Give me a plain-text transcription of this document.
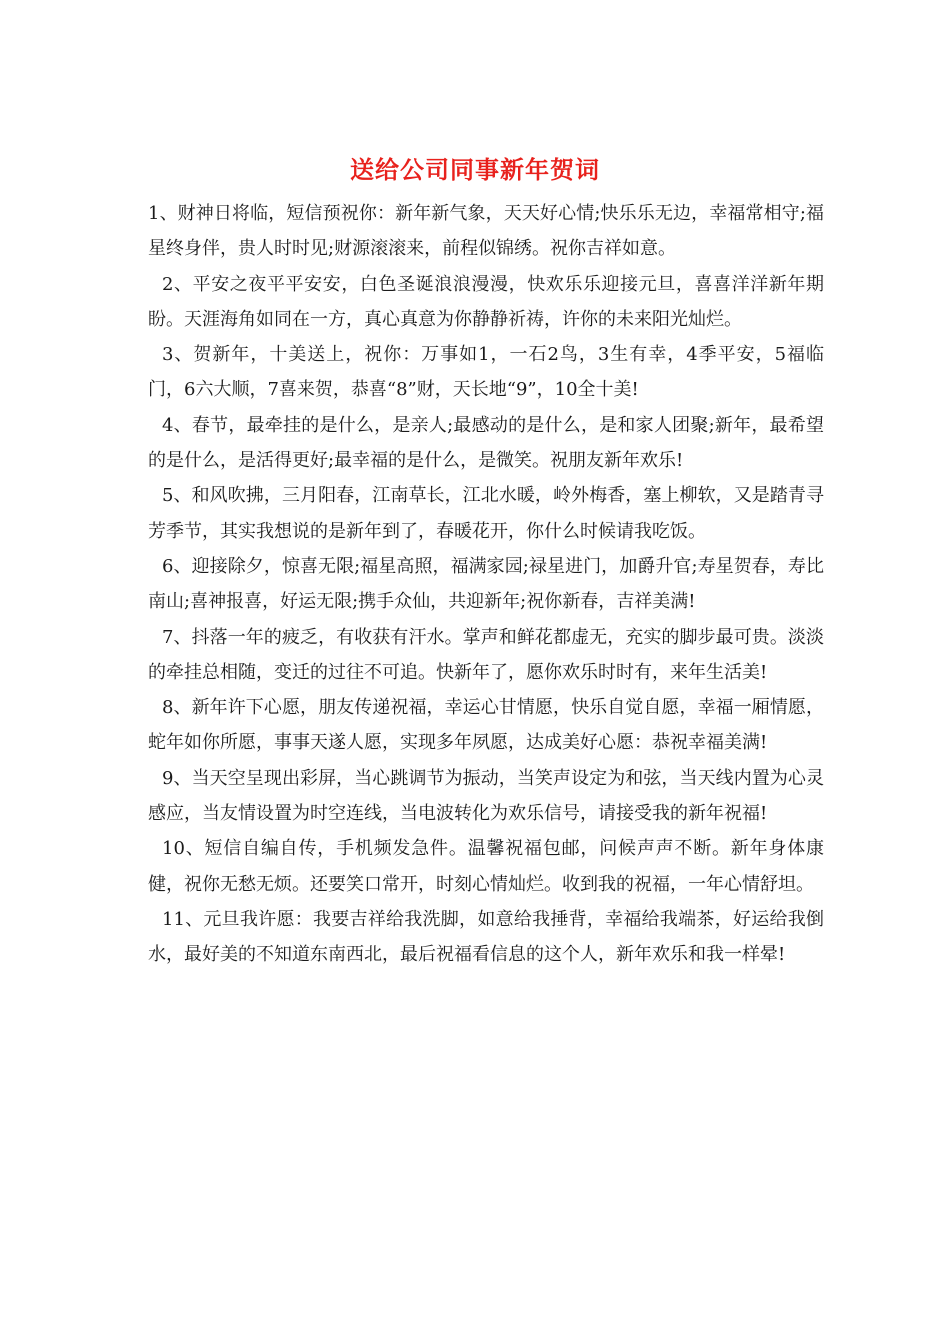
送给公司同事新年贺词

1、财神日将临，短信预祝你：新年新气象，天天好心情;快乐乐无边，幸福常相守;福星终身伴，贵人时时见;财源滚滚来，前程似锦绣。祝你吉祥如意。

2、平安之夜平平安安，白色圣诞浪浪漫漫，快欢乐乐迎接元旦，喜喜洋洋新年期盼。天涯海角如同在一方，真心真意为你静静祈祷，许你的未来阳光灿烂。

3、贺新年，十美送上，祝你：万事如1，一石2鸟，3生有幸，4季平安，5福临门，6六大顺，7喜来贺，恭喜“8”财，天长地“9”，10全十美!

4、春节，最牵挂的是什么，是亲人;最感动的是什么，是和家人团聚;新年，最希望的是什么，是活得更好;最幸福的是什么，是微笑。祝朋友新年欢乐!

5、和风吹拂，三月阳春，江南草长，江北水暖，岭外梅香，塞上柳软，又是踏青寻芳季节，其实我想说的是新年到了，春暖花开，你什么时候请我吃饭。

6、迎接除夕，惊喜无限;福星高照，福满家园;禄星进门，加爵升官;寿星贺春，寿比南山;喜神报喜，好运无限;携手众仙，共迎新年;祝你新春，吉祥美满!

7、抖落一年的疲乏，有收获有汗水。掌声和鲜花都虚无，充实的脚步最可贵。淡淡的牵挂总相随，变迁的过往不可追。快新年了，愿你欢乐时时有，来年生活美!

8、新年许下心愿，朋友传递祝福，幸运心甘情愿，快乐自觉自愿，幸福一厢情愿，蛇年如你所愿，事事天遂人愿，实现多年夙愿，达成美好心愿：恭祝幸福美满!

9、当天空呈现出彩屏，当心跳调节为振动，当笑声设定为和弦，当天线内置为心灵感应，当友情设置为时空连线，当电波转化为欢乐信号，请接受我的新年祝福!

10、短信自编自传，手机频发急件。温馨祝福包邮，问候声声不断。新年身体康健，祝你无愁无烦。还要笑口常开，时刻心情灿烂。收到我的祝福，一年心情舒坦。

11、元旦我许愿：我要吉祥给我洗脚，如意给我捶背，幸福给我端茶，好运给我倒水，最好美的不知道东南西北，最后祝福看信息的这个人，新年欢乐和我一样晕!
